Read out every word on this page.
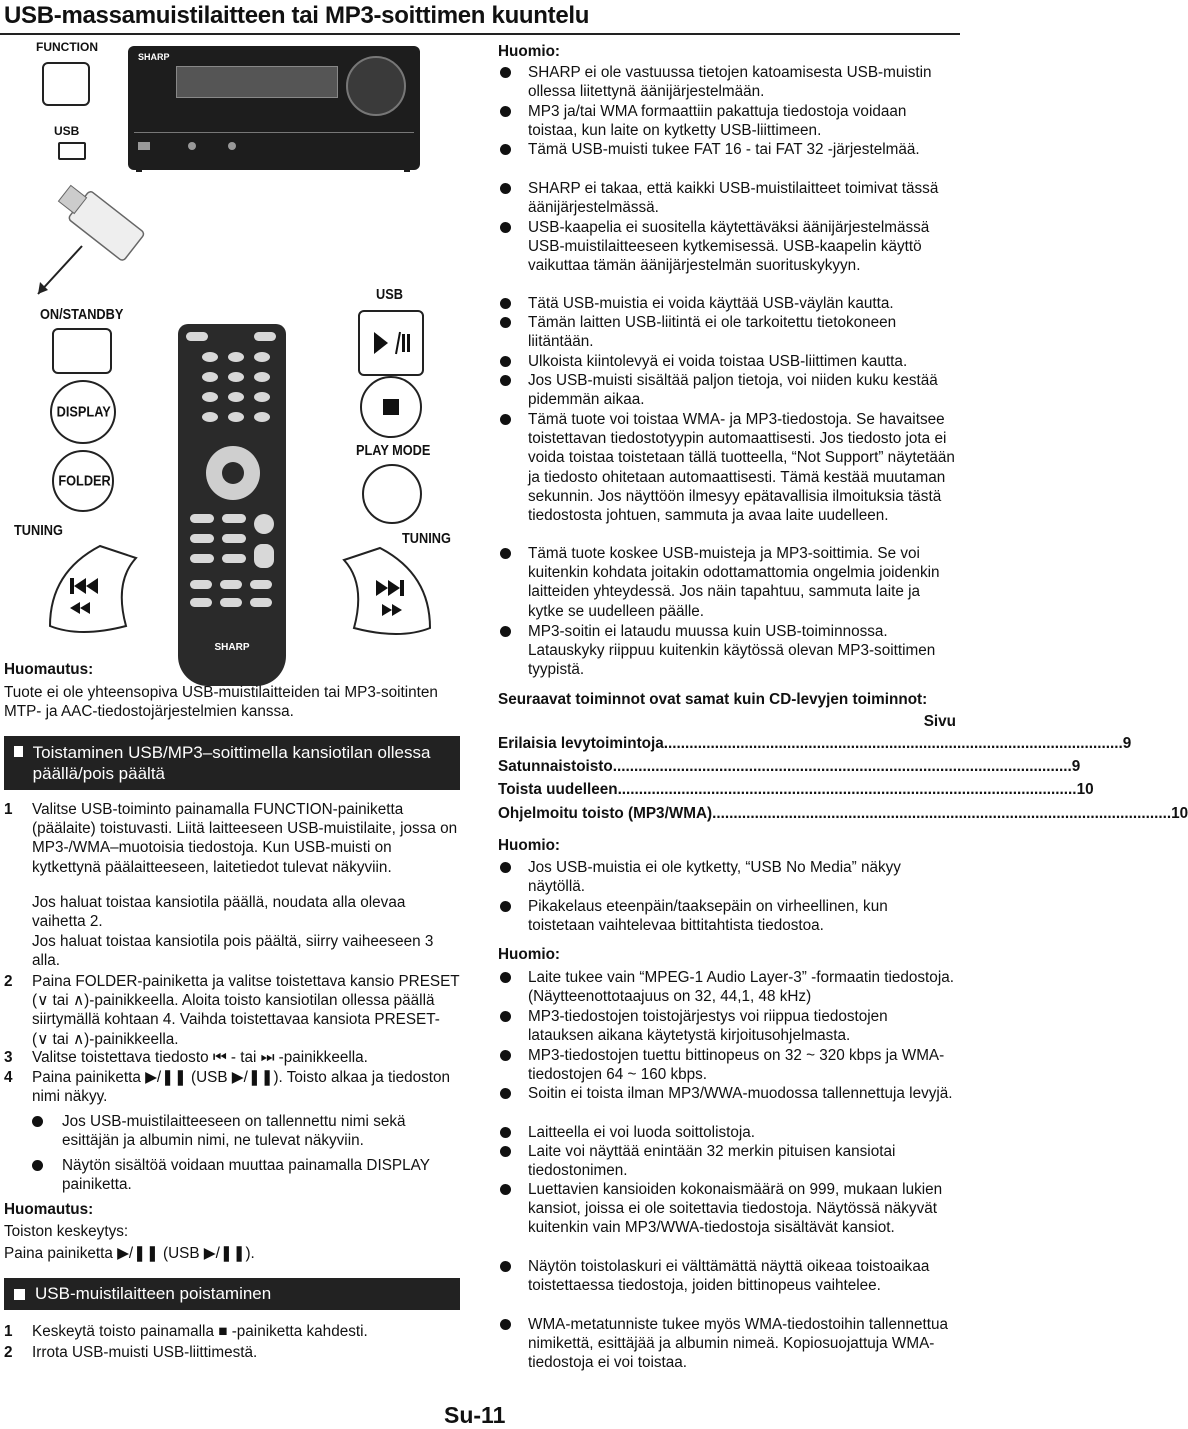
USB-massamuistilaitteen tai MP3-soittimen kuuntelu
FUNCTION
USB
SHARP
ON/STANDBY
DISPLAY
FOLDER
TUNING
SHARP
USB
PLAY MODE
TUNING
Huomautus:
Tuote ei ole yhteensopiva USB-muistilaitteiden tai MP3-soitinten MTP- ja AAC-tiedostojärjestelmien kanssa.
Toistaminen USB/MP3–soittimella kansiotilan ollessa päällä/pois päältä
1 Valitse USB-toiminto painamalla FUNCTION-painiketta (päälaite) toistuvasti. Liitä laitteeseen USB-muistilaite, jossa on MP3-/WMA–muotoisia tiedostoja. Kun USB-muisti on kytkettynä päälaitteeseen, laitetiedot tulevat näkyviin.
Jos haluat toistaa kansiotila päällä, noudata alla olevaa vaihetta 2.
Jos haluat toistaa kansiotila pois päältä, siirry vaiheeseen 3 alla.
2 Paina FOLDER-painiketta ja valitse toistettava kansio PRESET (∨ tai ∧)-painikkeella. Aloita toisto kansiotilan ollessa päällä siirtymällä kohtaan 4. Vaihda toistettavaa kansiota PRESET- (∨ tai ∧)-painikkeella.
3 Valitse toistettava tiedosto ⏮ - tai ⏭ -painikkeella.
4 Paina painiketta ▶/❚❚ (USB ▶/❚❚). Toisto alkaa ja tiedoston nimi näkyy.
Jos USB-muistilaitteeseen on tallennettu nimi sekä esittäjän ja albumin nimi, ne tulevat näkyviin.
Näytön sisältöä voidaan muuttaa painamalla DISPLAY painiketta.
Huomautus:
Toiston keskeytys:
Paina painiketta ▶/❚❚ (USB ▶/❚❚).
USB-muistilaitteen poistaminen
1 Keskeytä toisto painamalla ■ -painiketta kahdesti.
2 Irrota USB-muisti USB-liittimestä.
Huomio:
SHARP ei ole vastuussa tietojen katoamisesta USB-muistin ollessa liitettynä äänijärjestelmään.
MP3 ja/tai WMA formaattiin pakattuja tiedostoja voidaan toistaa, kun laite on kytketty USB-liittimeen.
Tämä USB-muisti tukee FAT 16 - tai FAT 32 -järjestelmää.
SHARP ei takaa, että kaikki USB-muistilaitteet toimivat tässä äänijärjestelmässä.
USB-kaapelia ei suositella käytettäväksi äänijärjestelmässä USB-muistilaitteeseen kytkemisessä. USB-kaapelin käyttö vaikuttaa tämän äänijärjestelmän suorituskykyyn.
Tätä USB-muistia ei voida käyttää USB-väylän kautta.
Tämän laitten USB-liitintä ei ole tarkoitettu tietokoneen liitäntään.
Ulkoista kiintolevyä ei voida toistaa USB-liittimen kautta.
Jos USB-muisti sisältää paljon tietoja, voi niiden kuku kestää pidemmän aikaa.
Tämä tuote voi toistaa WMA- ja MP3-tiedostoja. Se havaitsee toistettavan tiedostotyypin automaattisesti. Jos tiedosto jota ei voida toistaa toistetaan tällä tuotteella, “Not Support” näytetään ja tiedosto ohitetaan automaattisesti. Tämä kestää muutaman sekunnin. Jos näyttöön ilmesyy epätavallisia ilmoituksia tästä tiedostosta johtuen, sammuta ja avaa laite uudelleen.
Tämä tuote koskee USB-muisteja ja MP3-soittimia. Se voi kuitenkin kohdata joitakin odottamattomia ongelmia joidenkin laitteiden yhteydessä. Jos näin tapahtuu, sammuta laite ja kytke se uudelleen päälle.
MP3-soitin ei lataudu muussa kuin USB-toiminnossa. Latauskyky riippuu kuitenkin käytössä olevan MP3-soittimen tyypistä.
Seuraavat toiminnot ovat samat kuin CD-levyjen toiminnot:
Sivu
Erilaisia levytoimintoja ............................................................................................................ 9
Satunnaistoisto ............................................................................................................ 9
Toista uudelleen ............................................................................................................ 10
Ohjelmoitu toisto (MP3/WMA) ............................................................................................................ 10
Huomio:
Jos USB-muistia ei ole kytketty, “USB No Media” näkyy näytöllä.
Pikakelaus eteenpäin/taaksepäin on virheellinen, kun toistetaan vaihtelevaa bittitahtista tiedostoa.
Huomio:
Laite tukee vain “MPEG-1 Audio Layer-3” -formaatin tiedostoja. (Näytteenottotaajuus on 32, 44,1, 48 kHz)
MP3-tiedostojen toistojärjestys voi riippua tiedostojen latauksen aikana käytetystä kirjoitusohjelmasta.
MP3-tiedostojen tuettu bittinopeus on 32 ~ 320 kbps ja WMA-tiedostojen 64 ~ 160 kbps.
Soitin ei toista ilman MP3/WWA-muodossa tallennettuja levyjä.
Laitteella ei voi luoda soittolistoja.
Laite voi näyttää enintään 32 merkin pituisen kansiotai tiedostonimen.
Luettavien kansioiden kokonaismäärä on 999, mukaan lukien kansiot, joissa ei ole soitettavia tiedostoja. Näytössä näkyvät kuitenkin vain MP3/WWA-tiedostoja sisältävät kansiot.
Näytön toistolaskuri ei välttämättä näyttä oikeaa toistoaikaa toistettaessa tiedostoja, joiden bittinopeus vaihtelee.
WMA-metatunniste tukee myös WMA-tiedostoihin tallennettua nimikettä, esittäjää ja albumin nimeä. Kopiosuojattuja WMA-tiedostoja ei voi toistaa.
Su-11
